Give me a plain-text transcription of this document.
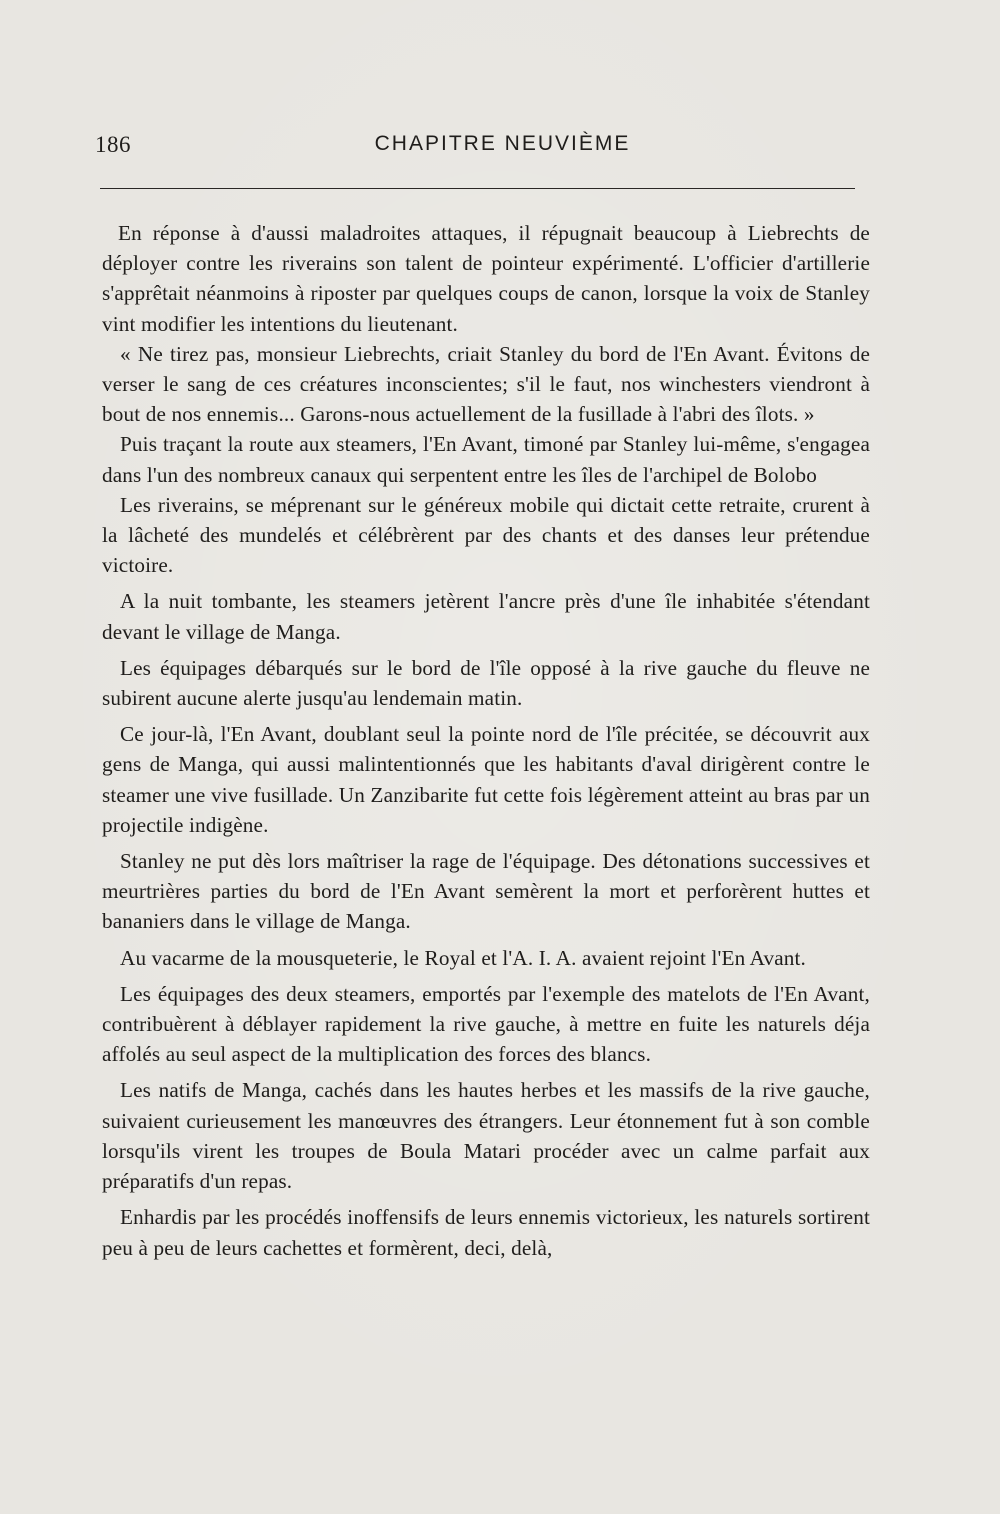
186	CHAPITRE NEUVIÈME

En réponse à d'aussi maladroites attaques, il répugnait beaucoup à Liebrechts de déployer contre les riverains son talent de pointeur expérimenté. L'officier d'artillerie s'apprêtait néanmoins à riposter par quelques coups de canon, lorsque la voix de Stanley vint modifier les intentions du lieutenant.

« Ne tirez pas, monsieur Liebrechts, criait Stanley du bord de l'En Avant. Évitons de verser le sang de ces créatures inconscientes; s'il le faut, nos winchesters viendront à bout de nos ennemis... Garons-nous actuellement de la fusillade à l'abri des îlots. »

Puis traçant la route aux steamers, l'En Avant, timoné par Stanley lui-même, s'engagea dans l'un des nombreux canaux qui serpentent entre les îles de l'archipel de Bolobo

Les riverains, se méprenant sur le généreux mobile qui dictait cette retraite, crurent à la lâcheté des mundelés et célébrèrent par des chants et des danses leur prétendue victoire.

A la nuit tombante, les steamers jetèrent l'ancre près d'une île inhabitée s'étendant devant le village de Manga.

Les équipages débarqués sur le bord de l'île opposé à la rive gauche du fleuve ne subirent aucune alerte jusqu'au lendemain matin.

Ce jour-là, l'En Avant, doublant seul la pointe nord de l'île précitée, se découvrit aux gens de Manga, qui aussi malintentionnés que les habitants d'aval dirigèrent contre le steamer une vive fusillade. Un Zanzibarite fut cette fois légèrement atteint au bras par un projectile indigène.

Stanley ne put dès lors maîtriser la rage de l'équipage. Des détonations successives et meurtrières parties du bord de l'En Avant semèrent la mort et perforèrent huttes et bananiers dans le village de Manga.

Au vacarme de la mousqueterie, le Royal et l'A. I. A. avaient rejoint l'En Avant.

Les équipages des deux steamers, emportés par l'exemple des matelots de l'En Avant, contribuèrent à déblayer rapidement la rive gauche, à mettre en fuite les naturels déja affolés au seul aspect de la multiplication des forces des blancs.

Les natifs de Manga, cachés dans les hautes herbes et les massifs de la rive gauche, suivaient curieusement les manœuvres des étrangers. Leur étonnement fut à son comble lorsqu'ils virent les troupes de Boula Matari procéder avec un calme parfait aux préparatifs d'un repas.

Enhardis par les procédés inoffensifs de leurs ennemis victorieux, les naturels sortirent peu à peu de leurs cachettes et formèrent, deci, delà,
